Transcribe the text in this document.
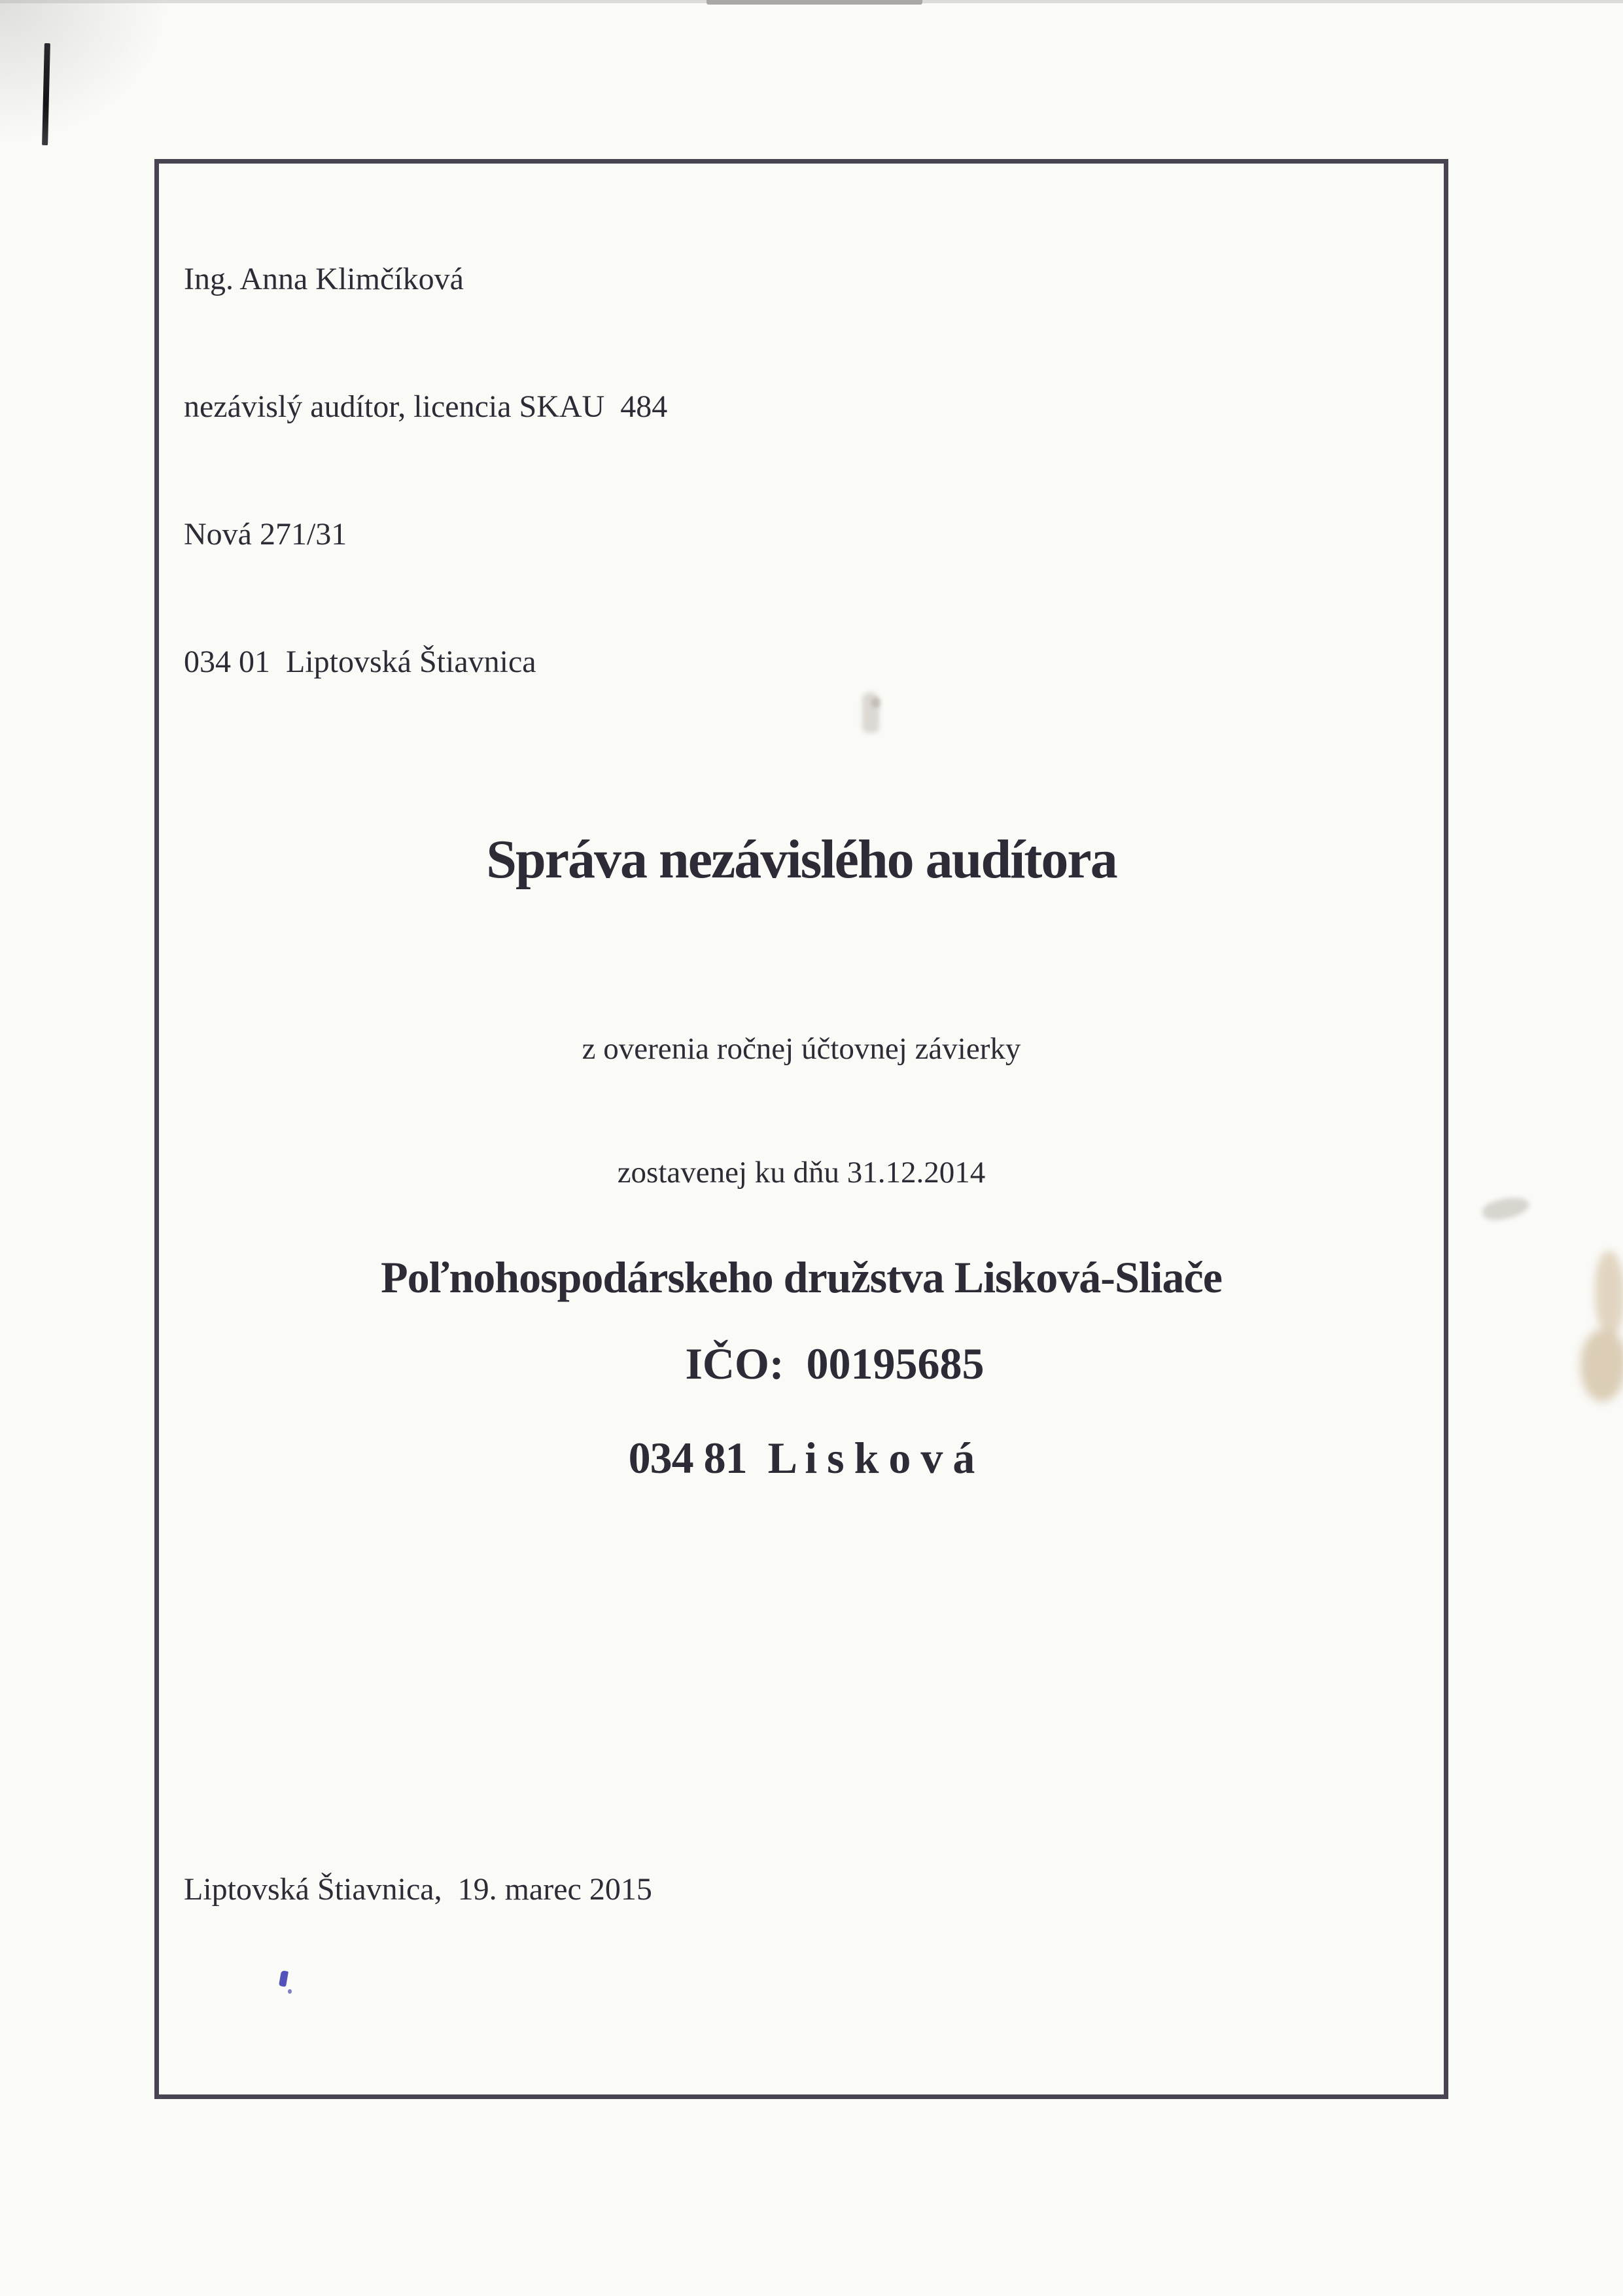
Ing. Anna Klimčíková

nezávislý audítor, licencia SKAU  484

Nová 271/31

034 01  Liptovská Štiavnica

Správa nezávislého audítora

z overenia ročnej účtovnej závierky

zostavenej ku dňu 31.12.2014

Poľnohospodárskeho družstva Lisková-Sliače

034 81  L i s k o v á

IČO: 00195685

Liptovská Štiavnica,  19. marec 2015
